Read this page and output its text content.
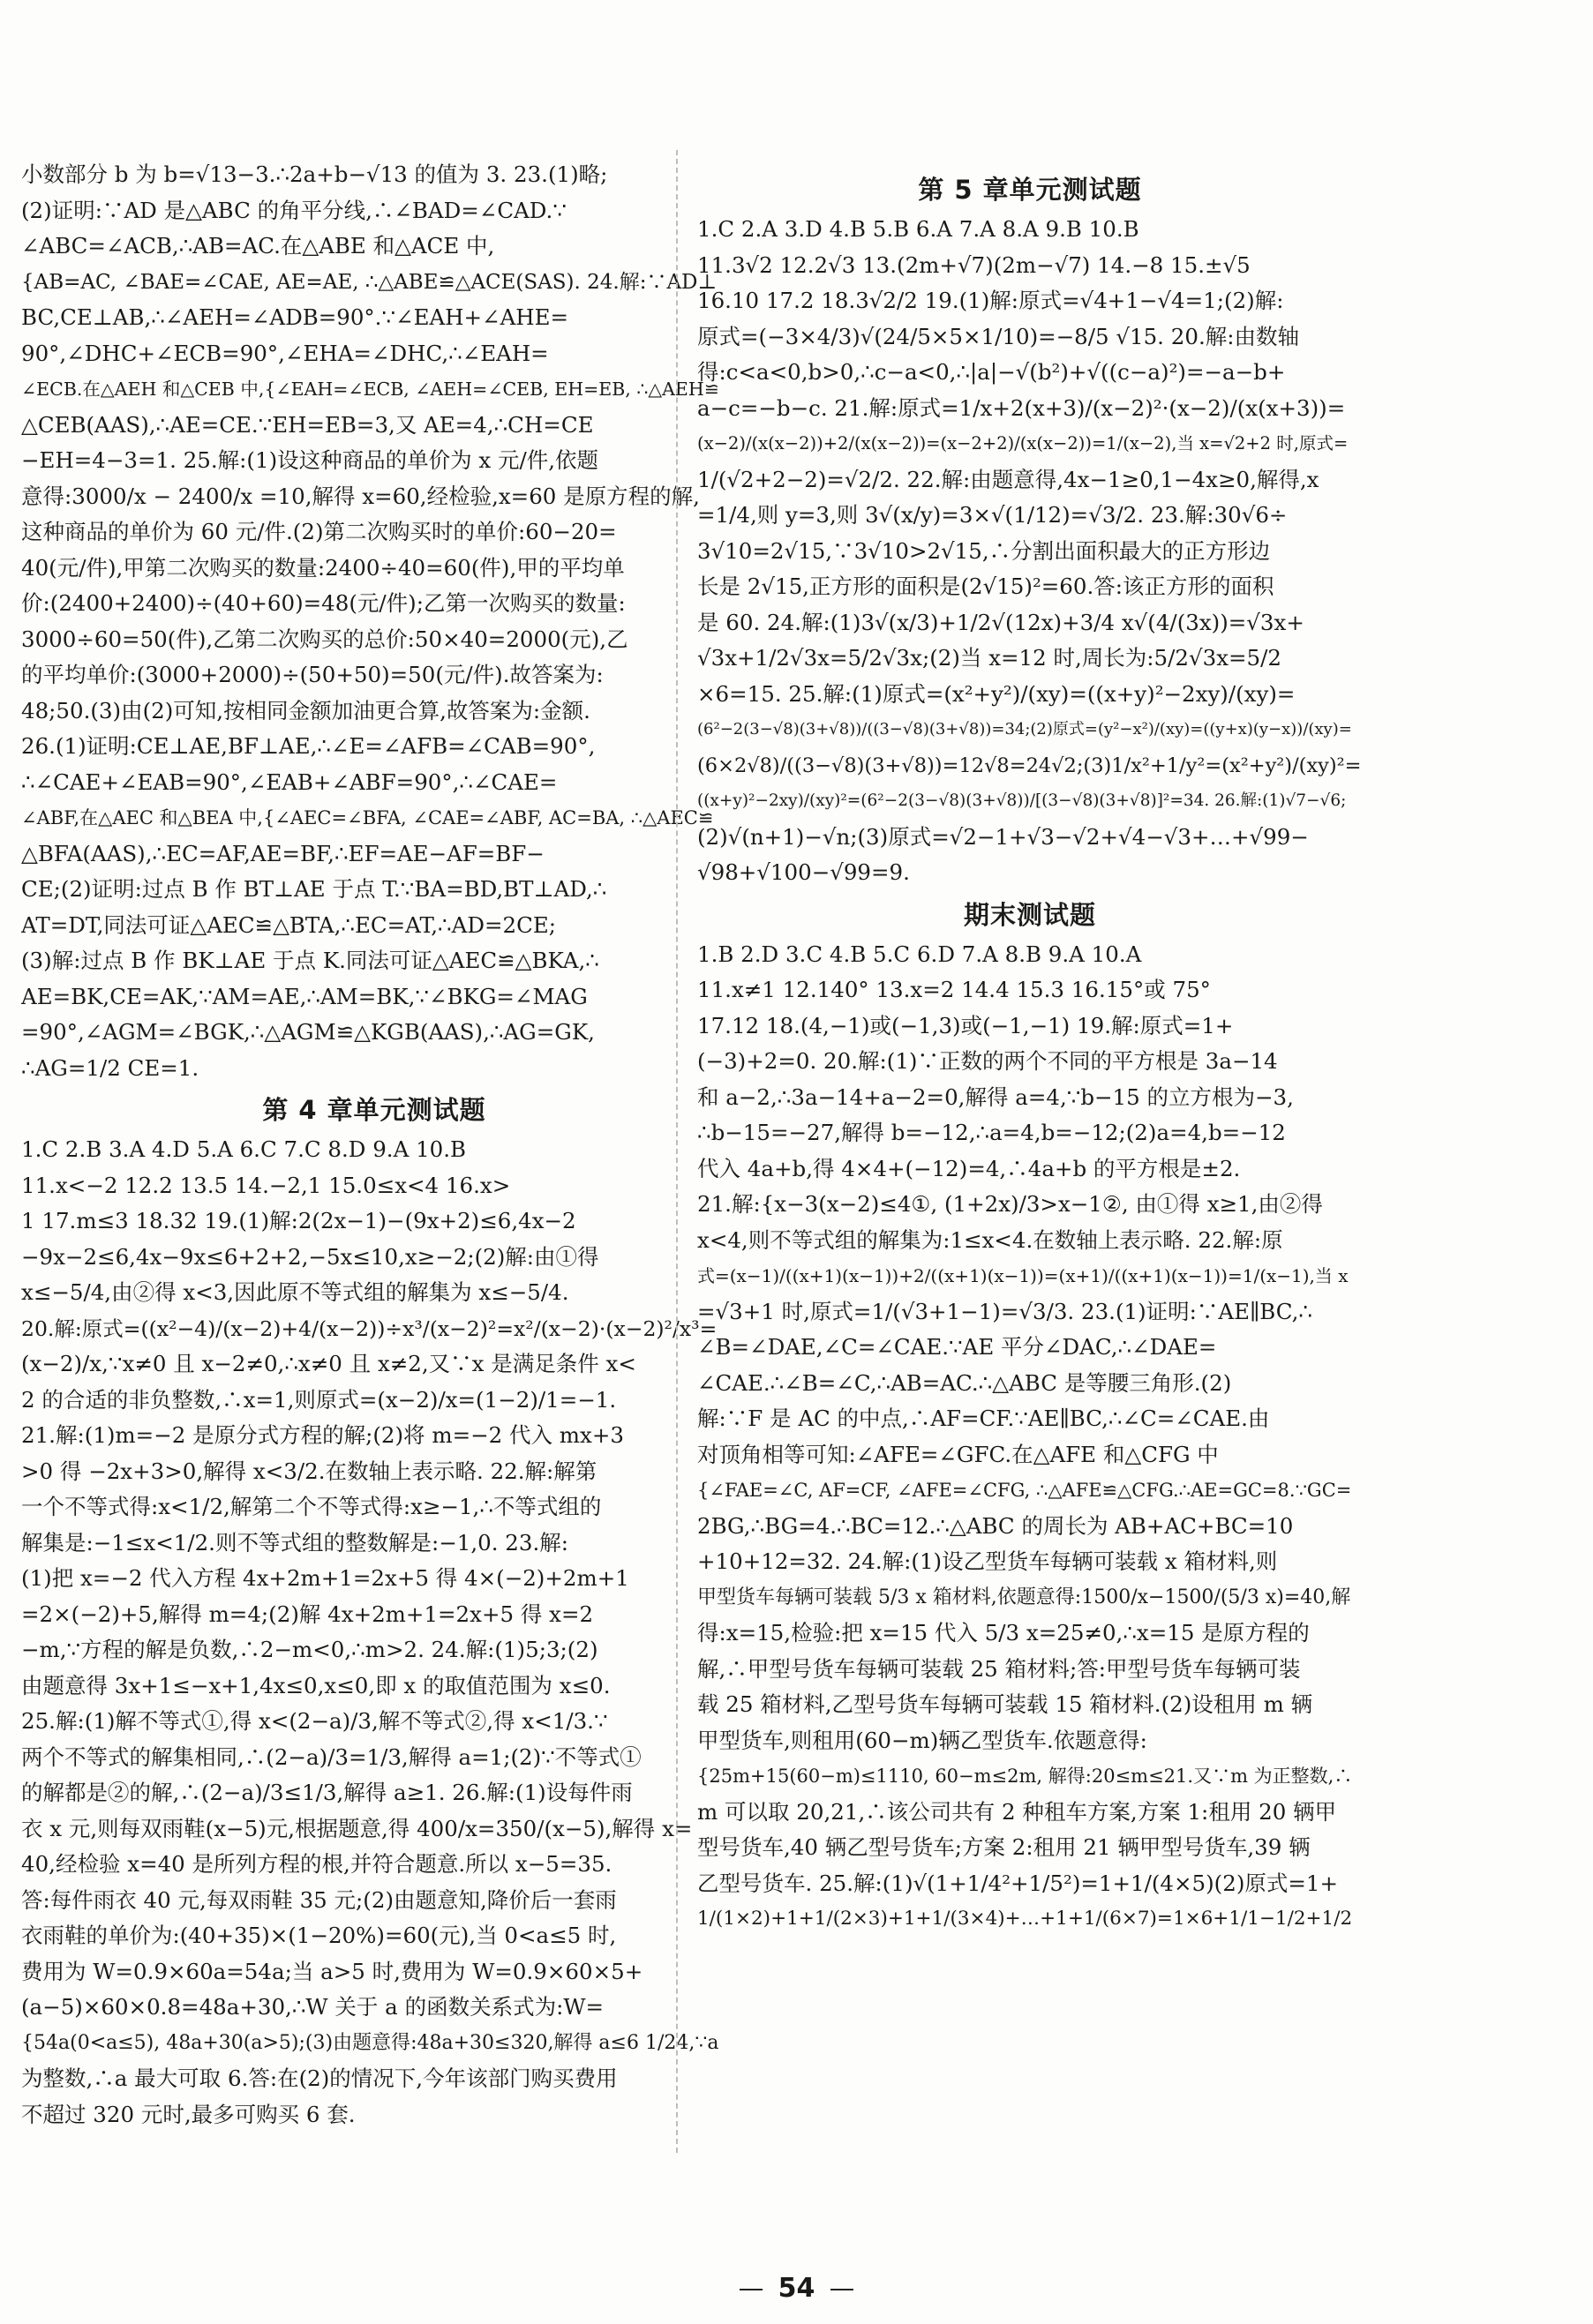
小数部分 b 为 b=√13−3.∴2a+b−√13 的值为 3. 23.(1)略;
(2)证明:∵AD 是△ABC 的角平分线,∴∠BAD=∠CAD.∵
∠ABC=∠ACB,∴AB=AC.在△ABE 和△ACE 中,
{AB=AC, ∠BAE=∠CAE, AE=AE, ∴△ABE≌△ACE(SAS). 24.解:∵AD⊥
BC,CE⊥AB,∴∠AEH=∠ADB=90°.∵∠EAH+∠AHE=
90°,∠DHC+∠ECB=90°,∠EHA=∠DHC,∴∠EAH=
∠ECB.在△AEH 和△CEB 中,{∠EAH=∠ECB, ∠AEH=∠CEB, EH=EB, ∴△AEH≌
△CEB(AAS),∴AE=CE.∵EH=EB=3,又 AE=4,∴CH=CE
−EH=4−3=1. 25.解:(1)设这种商品的单价为 x 元/件,依题
意得:3000/x − 2400/x =10,解得 x=60,经检验,x=60 是原方程的解,
这种商品的单价为 60 元/件.(2)第二次购买时的单价:60−20=
40(元/件),甲第二次购买的数量:2400÷40=60(件),甲的平均单
价:(2400+2400)÷(40+60)=48(元/件);乙第一次购买的数量:
3000÷60=50(件),乙第二次购买的总价:50×40=2000(元),乙
的平均单价:(3000+2000)÷(50+50)=50(元/件).故答案为:
48;50.(3)由(2)可知,按相同金额加油更合算,故答案为:金额.
26.(1)证明:CE⊥AE,BF⊥AE,∴∠E=∠AFB=∠CAB=90°,
∴∠CAE+∠EAB=90°,∠EAB+∠ABF=90°,∴∠CAE=
∠ABF,在△AEC 和△BEA 中,{∠AEC=∠BFA, ∠CAE=∠ABF, AC=BA, ∴△AEC≌
△BFA(AAS),∴EC=AF,AE=BF,∴EF=AE−AF=BF−
CE;(2)证明:过点 B 作 BT⊥AE 于点 T.∵BA=BD,BT⊥AD,∴
AT=DT,同法可证△AEC≌△BTA,∴EC=AT,∴AD=2CE;
(3)解:过点 B 作 BK⊥AE 于点 K.同法可证△AEC≌△BKA,∴
AE=BK,CE=AK,∵AM=AE,∴AM=BK,∵∠BKG=∠MAG
=90°,∠AGM=∠BGK,∴△AGM≌△KGB(AAS),∴AG=GK,
∴AG=1/2 CE=1.
第 4 章单元测试题
1.C 2.B 3.A 4.D 5.A 6.C 7.C 8.D 9.A 10.B
11.x<−2 12.2 13.5 14.−2,1 15.0≤x<4 16.x>
1 17.m≤3 18.32 19.(1)解:2(2x−1)−(9x+2)≤6,4x−2
−9x−2≤6,4x−9x≤6+2+2,−5x≤10,x≥−2;(2)解:由①得
x≤−5/4,由②得 x<3,因此原不等式组的解集为 x≤−5/4.
20.解:原式=((x²−4)/(x−2)+4/(x−2))÷x³/(x−2)²=x²/(x−2)·(x−2)²/x³=
(x−2)/x,∵x≠0 且 x−2≠0,∴x≠0 且 x≠2,又∵x 是满足条件 x<
2 的合适的非负整数,∴x=1,则原式=(x−2)/x=(1−2)/1=−1.
21.解:(1)m=−2 是原分式方程的解;(2)将 m=−2 代入 mx+3
>0 得 −2x+3>0,解得 x<3/2.在数轴上表示略. 22.解:解第
一个不等式得:x<1/2,解第二个不等式得:x≥−1,∴不等式组的
解集是:−1≤x<1/2.则不等式组的整数解是:−1,0. 23.解:
(1)把 x=−2 代入方程 4x+2m+1=2x+5 得 4×(−2)+2m+1
=2×(−2)+5,解得 m=4;(2)解 4x+2m+1=2x+5 得 x=2
−m,∵方程的解是负数,∴2−m<0,∴m>2. 24.解:(1)5;3;(2)
由题意得 3x+1≤−x+1,4x≤0,x≤0,即 x 的取值范围为 x≤0.
25.解:(1)解不等式①,得 x<(2−a)/3,解不等式②,得 x<1/3.∵
两个不等式的解集相同,∴(2−a)/3=1/3,解得 a=1;(2)∵不等式①
的解都是②的解,∴(2−a)/3≤1/3,解得 a≥1. 26.解:(1)设每件雨
衣 x 元,则每双雨鞋(x−5)元,根据题意,得 400/x=350/(x−5),解得 x=
40,经检验 x=40 是所列方程的根,并符合题意.所以 x−5=35.
答:每件雨衣 40 元,每双雨鞋 35 元;(2)由题意知,降价后一套雨
衣雨鞋的单价为:(40+35)×(1−20%)=60(元),当 0<a≤5 时,
费用为 W=0.9×60a=54a;当 a>5 时,费用为 W=0.9×60×5+
(a−5)×60×0.8=48a+30,∴W 关于 a 的函数关系式为:W=
{54a(0<a≤5), 48a+30(a>5);(3)由题意得:48a+30≤320,解得 a≤6 1/24,∵a
为整数,∴a 最大可取 6.答:在(2)的情况下,今年该部门购买费用
不超过 320 元时,最多可购买 6 套.
第 5 章单元测试题
1.C 2.A 3.D 4.B 5.B 6.A 7.A 8.A 9.B 10.B
11.3√2 12.2√3 13.(2m+√7)(2m−√7) 14.−8 15.±√5
16.10 17.2 18.3√2/2 19.(1)解:原式=√4+1−√4=1;(2)解:
原式=(−3×4/3)√(24/5×5×1/10)=−8/5 √15. 20.解:由数轴
得:c<a<0,b>0,∴c−a<0,∴|a|−√(b²)+√((c−a)²)=−a−b+
a−c=−b−c. 21.解:原式=1/x+2(x+3)/(x−2)²·(x−2)/(x(x+3))=
(x−2)/(x(x−2))+2/(x(x−2))=(x−2+2)/(x(x−2))=1/(x−2),当 x=√2+2 时,原式=
1/(√2+2−2)=√2/2. 22.解:由题意得,4x−1≥0,1−4x≥0,解得,x
=1/4,则 y=3,则 3√(x/y)=3×√(1/12)=√3/2. 23.解:30√6÷
3√10=2√15,∵3√10>2√15,∴分割出面积最大的正方形边
长是 2√15,正方形的面积是(2√15)²=60.答:该正方形的面积
是 60. 24.解:(1)3√(x/3)+1/2√(12x)+3/4 x√(4/(3x))=√3x+
√3x+1/2√3x=5/2√3x;(2)当 x=12 时,周长为:5/2√3x=5/2
×6=15. 25.解:(1)原式=(x²+y²)/(xy)=((x+y)²−2xy)/(xy)=
(6²−2(3−√8)(3+√8))/((3−√8)(3+√8))=34;(2)原式=(y²−x²)/(xy)=((y+x)(y−x))/(xy)=
(6×2√8)/((3−√8)(3+√8))=12√8=24√2;(3)1/x²+1/y²=(x²+y²)/(xy)²=
((x+y)²−2xy)/(xy)²=(6²−2(3−√8)(3+√8))/[(3−√8)(3+√8)]²=34. 26.解:(1)√7−√6;
(2)√(n+1)−√n;(3)原式=√2−1+√3−√2+√4−√3+…+√99−
√98+√100−√99=9.
期末测试题
1.B 2.D 3.C 4.B 5.C 6.D 7.A 8.B 9.A 10.A
11.x≠1 12.140° 13.x=2 14.4 15.3 16.15°或 75°
17.12 18.(4,−1)或(−1,3)或(−1,−1) 19.解:原式=1+
(−3)+2=0. 20.解:(1)∵正数的两个不同的平方根是 3a−14
和 a−2,∴3a−14+a−2=0,解得 a=4,∵b−15 的立方根为−3,
∴b−15=−27,解得 b=−12,∴a=4,b=−12;(2)a=4,b=−12
代入 4a+b,得 4×4+(−12)=4,∴4a+b 的平方根是±2.
21.解:{x−3(x−2)≤4①, (1+2x)/3>x−1②, 由①得 x≥1,由②得
x<4,则不等式组的解集为:1≤x<4.在数轴上表示略. 22.解:原
式=(x−1)/((x+1)(x−1))+2/((x+1)(x−1))=(x+1)/((x+1)(x−1))=1/(x−1),当 x
=√3+1 时,原式=1/(√3+1−1)=√3/3. 23.(1)证明:∵AE∥BC,∴
∠B=∠DAE,∠C=∠CAE.∵AE 平分∠DAC,∴∠DAE=
∠CAE.∴∠B=∠C,∴AB=AC.∴△ABC 是等腰三角形.(2)
解:∵F 是 AC 的中点,∴AF=CF.∵AE∥BC,∴∠C=∠CAE.由
对顶角相等可知:∠AFE=∠GFC.在△AFE 和△CFG 中
{∠FAE=∠C, AF=CF, ∠AFE=∠CFG, ∴△AFE≌△CFG.∴AE=GC=8.∵GC=
2BG,∴BG=4.∴BC=12.∴△ABC 的周长为 AB+AC+BC=10
+10+12=32. 24.解:(1)设乙型货车每辆可装载 x 箱材料,则
甲型货车每辆可装载 5/3 x 箱材料,依题意得:1500/x−1500/(5/3 x)=40,解
得:x=15,检验:把 x=15 代入 5/3 x=25≠0,∴x=15 是原方程的
解,∴甲型号货车每辆可装载 25 箱材料;答:甲型号货车每辆可装
载 25 箱材料,乙型号货车每辆可装载 15 箱材料.(2)设租用 m 辆
甲型货车,则租用(60−m)辆乙型货车.依题意得:
{25m+15(60−m)≤1110, 60−m≤2m, 解得:20≤m≤21.又∵m 为正整数,∴
m 可以取 20,21,∴该公司共有 2 种租车方案,方案 1:租用 20 辆甲
型号货车,40 辆乙型号货车;方案 2:租用 21 辆甲型号货车,39 辆
乙型号货车. 25.解:(1)√(1+1/4²+1/5²)=1+1/(4×5)(2)原式=1+
1/(1×2)+1+1/(2×3)+1+1/(3×4)+…+1+1/(6×7)=1×6+1/1−1/2+1/2
54
